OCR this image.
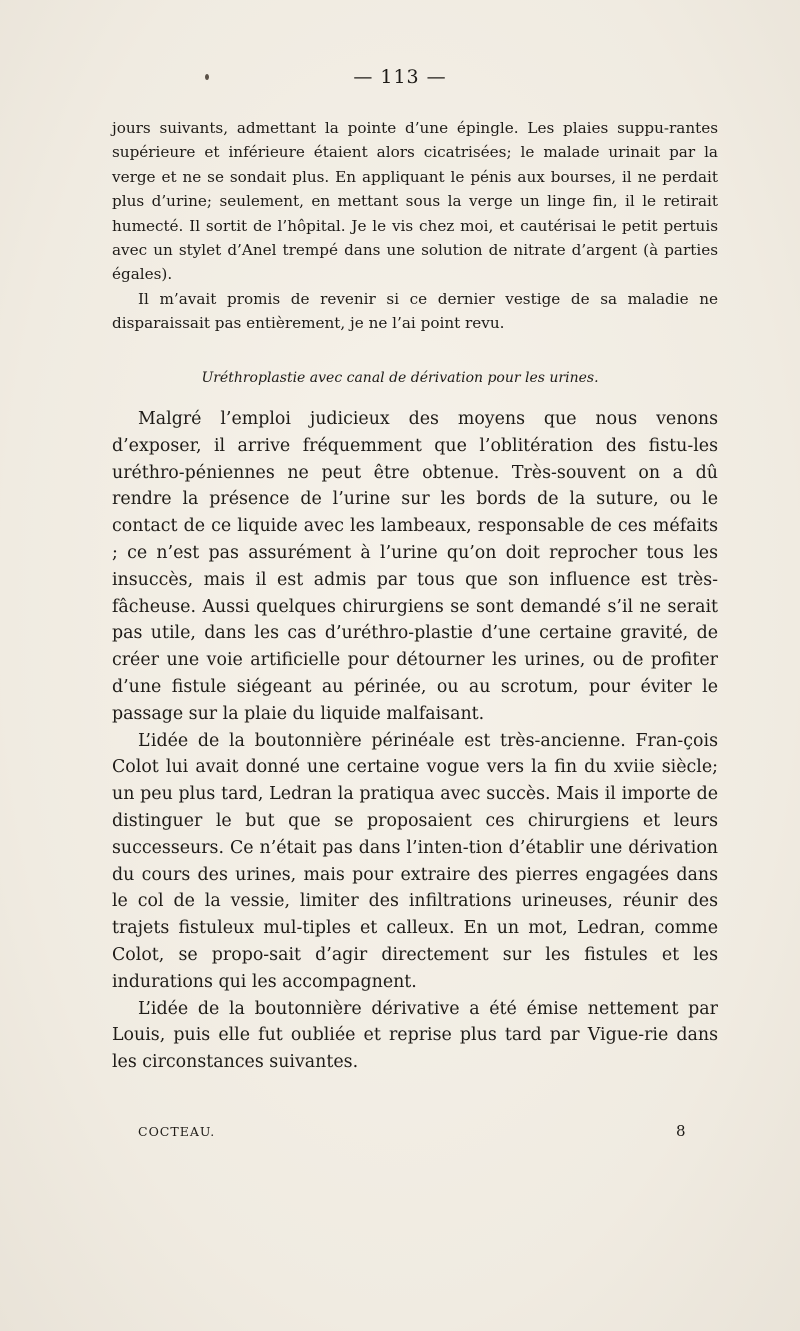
— 113 —

jours suivants, admettant la pointe d’une épingle. Les plaies suppu-rantes supérieure et inférieure étaient alors cicatrisées; le malade urinait par la verge et ne se sondait plus. En appliquant le pénis aux bourses, il ne perdait plus d’urine; seulement, en mettant sous la verge un linge fin, il le retirait humecté. Il sortit de l’hôpital. Je le vis chez moi, et cautérisai le petit pertuis avec un stylet d’Anel trempé dans une solution de nitrate d’argent (à parties égales).

Il m’avait promis de revenir si ce dernier vestige de sa maladie ne disparaissait pas entièrement, je ne l’ai point revu.

Uréthroplastie avec canal de dérivation pour les urines.

Malgré l’emploi judicieux des moyens que nous venons d’exposer, il arrive fréquemment que l’oblitération des fistu-les uréthro-péniennes ne peut être obtenue. Très-souvent on a dû rendre la présence de l’urine sur les bords de la suture, ou le contact de ce liquide avec les lambeaux, responsable de ces méfaits ; ce n’est pas assurément à l’urine qu’on doit reprocher tous les insuccès, mais il est admis par tous que son influence est très-fâcheuse. Aussi quelques chirurgiens se sont demandé s’il ne serait pas utile, dans les cas d’uréthro-plastie d’une certaine gravité, de créer une voie artificielle pour détourner les urines, ou de profiter d’une fistule siégeant au périnée, ou au scrotum, pour éviter le passage sur la plaie du liquide malfaisant.

L’idée de la boutonnière périnéale est très-ancienne. Fran-çois Colot lui avait donné une certaine vogue vers la fin du xviie siècle; un peu plus tard, Ledran la pratiqua avec succès. Mais il importe de distinguer le but que se proposaient ces chirurgiens et leurs successeurs. Ce n’était pas dans l’inten-tion d’établir une dérivation du cours des urines, mais pour extraire des pierres engagées dans le col de la vessie, limiter des infiltrations urineuses, réunir des trajets fistuleux mul-tiples et calleux. En un mot, Ledran, comme Colot, se propo-sait d’agir directement sur les fistules et les indurations qui les accompagnent.

L’idée de la boutonnière dérivative a été émise nettement par Louis, puis elle fut oubliée et reprise plus tard par Vigue-rie dans les circonstances suivantes.

COCTEAU.	8
